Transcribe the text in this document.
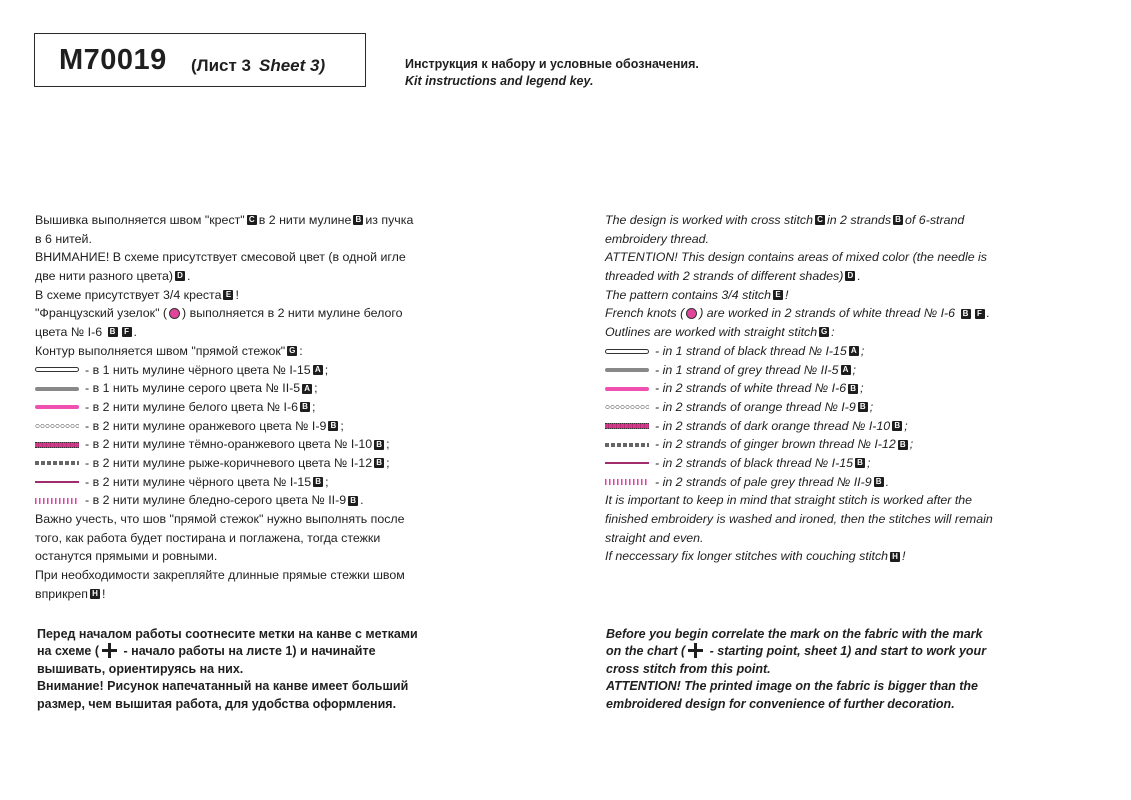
M70019 (Лист 3 Sheet 3)	Инструкция к набору и условные обозначения.
Kit instructions and legend key.
Вышивка выполняется швом "крест" C в 2 нити мулине B из пучка
в 6 нитей.
ВНИМАНИЕ! В схеме присутствует смесовой цвет (в одной игле
две нити разного цвета) D .
В схеме присутствует 3/4 креста E !
"Французский узелок" ( ) выполняется в 2 нити мулине белого
цвета № I-6
B	F .
Контур выполняется швом "прямой стежок" G :
- в 1 нить мулине чёрного цвета № I-15 A ;
- в 1 нить мулине серого цвета № II-5 A ;
- в 2 нити мулине белого цвета № I-6 B ;
- в 2 нити мулине оранжевого цвета № I-9 B ;
- в 2 нити мулине тёмно-оранжевого цвета № I-10 B ;
- в 2 нити мулине рыже-коричневого цвета № I-12 B ;
- в 2 нити мулине чёрного цвета № I-15 B ;
- в 2 нити мулине бледно-серого цвета № II-9 B .
Важно учесть, что шов "прямой стежок" нужно выполнять после
того, как работа будет постирана и поглажена, тогда стежки
останутся прямыми и ровными.
При необходимости закрепляйте длинные прямые стежки швом
вприкреп H !
The design is worked with cross stitch C in 2 strands B of 6-strand
embroidery thread.
ATTENTION! This design contains areas of mixed color (the needle is
threaded with 2 strands of different shades) D .
The pattern contains 3/4 stitch E !
French knots ( ) are worked in 2 strands of white thread № I-6
B	F .
Outlines are worked with straight stitch G :
- in 1 strand of black thread № I-15 A ;
- in 1 strand of grey thread № II-5 A ;
- in 2 strands of white thread № I-6 B ;
- in 2 strands of orange thread № I-9 B ;
- in 2 strands of dark orange thread № I-10 B ;
- in 2 strands of ginger brown thread № I-12 B ;
- in 2 strands of black thread № I-15 B ;
- in 2 strands of pale grey thread № II-9 B .
It is important to keep in mind that straight stitch is worked after the
finished embroidery is washed and ironed, then the stitches will remain
straight and even.
If neccessary fix longer stitches with couching stitch H !
Перед началом работы соотнесите метки на канве с метками
на схеме ( - начало работы на листе 1) и начинайте
вышивать, ориентируясь на них.
Внимание! Рисунок напечатанный на канве имеет больший
размер, чем вышитая работа, для удобства оформления.
Before you begin correlate the mark on the fabric with the mark
on the chart ( - starting point, sheet 1) and start to work your
cross stitch from this point.
ATTENTION! The printed image on the fabric is bigger than the
embroidered design for convenience of further decoration.
